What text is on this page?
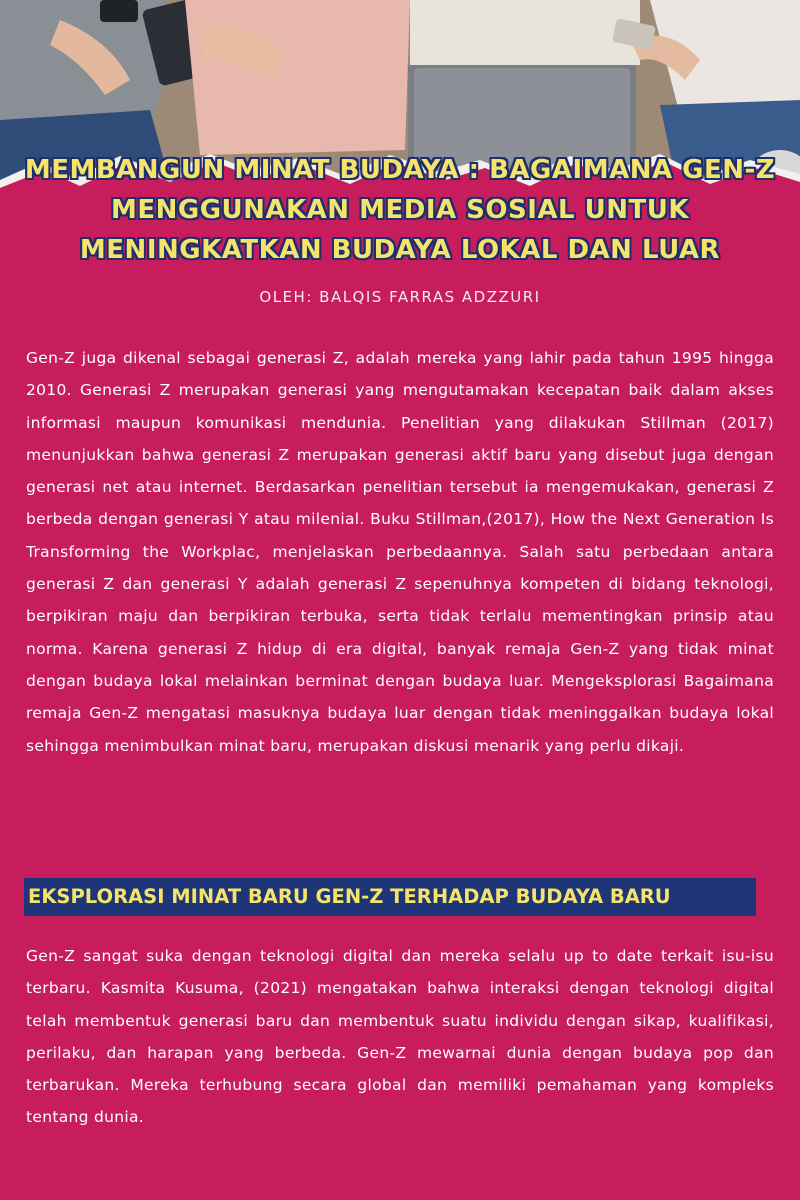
MEMBANGUN MINAT BUDAYA : BAGAIMANA GEN-Z MENGGUNAKAN MEDIA SOSIAL UNTUK MENINGKATKAN BUDAYA LOKAL DAN LUAR
OLEH: BALQIS FARRAS ADZZURI

Gen-Z juga dikenal sebagai generasi Z, adalah mereka yang lahir pada tahun 1995 hingga 2010. Generasi Z merupakan generasi yang mengutamakan kecepatan baik dalam akses informasi maupun komunikasi mendunia. Penelitian yang dilakukan Stillman (2017) menunjukkan bahwa generasi Z merupakan generasi aktif baru yang disebut juga dengan generasi net atau internet. Berdasarkan penelitian tersebut ia mengemukakan, generasi Z berbeda dengan generasi Y atau milenial. Buku Stillman,(2017), How the Next Generation Is Transforming the Workplac, menjelaskan perbedaannya. Salah satu perbedaan antara generasi Z dan generasi Y adalah generasi Z sepenuhnya kompeten di bidang teknologi, berpikiran maju dan berpikiran terbuka, serta tidak terlalu mementingkan prinsip atau norma. Karena generasi Z hidup di era digital, banyak remaja Gen-Z yang tidak minat dengan budaya lokal melainkan berminat dengan budaya luar. Mengeksplorasi Bagaimana remaja Gen-Z mengatasi masuknya budaya luar dengan tidak meninggalkan budaya lokal sehingga menimbulkan minat baru, merupakan diskusi menarik yang perlu dikaji.

EKSPLORASI MINAT BARU GEN-Z TERHADAP BUDAYA BARU

Gen-Z sangat suka dengan teknologi digital dan mereka selalu up to date terkait isu-isu terbaru. Kasmita Kusuma, (2021) mengatakan bahwa interaksi dengan teknologi digital telah membentuk generasi baru dan membentuk suatu individu dengan sikap, kualifikasi, perilaku, dan harapan yang berbeda. Gen-Z mewarnai dunia dengan budaya pop dan terbarukan. Mereka terhubung secara global dan memiliki pemahaman yang kompleks tentang dunia.
